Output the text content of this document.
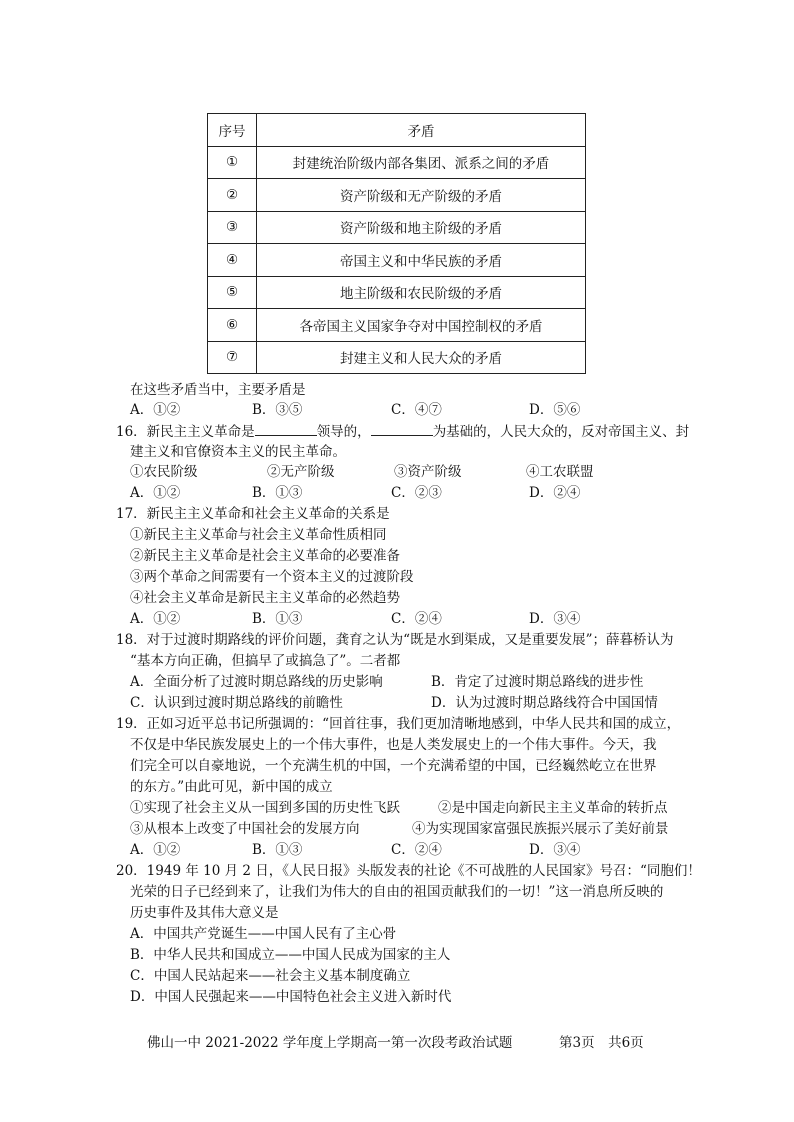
序号	矛盾
①	封建统治阶级内部各集团、派系之间的矛盾
②	资产阶级和无产阶级的矛盾
③	资产阶级和地主阶级的矛盾
④	帝国主义和中华民族的矛盾
⑤	地主阶级和农民阶级的矛盾
⑥	各帝国主义国家争夺对中国控制权的矛盾
⑦	封建主义和人民大众的矛盾
在这些矛盾当中，主要矛盾是
A．①②	B．③⑤	C．④⑦	D．⑤⑥
16．新民主主义革命是	领导的，	为基础的，人民大众的，反对帝国主义、封
建主义和官僚资本主义的民主革命。
①农民阶级	②无产阶级	③资产阶级	④工农联盟
A．①②	B．①③	C．②③	D．②④
17．新民主主义革命和社会主义革命的关系是
①新民主主义革命与社会主义革命性质相同
②新民主主义革命是社会主义革命的必要准备
③两个革命之间需要有一个资本主义的过渡阶段
④社会主义革命是新民主主义革命的必然趋势
A．①②	B．①③	C．②④	D．③④
18．对于过渡时期路线的评价问题，龚育之认为“既是水到渠成，又是重要发展”；薛暮桥认为
“基本方向正确，但搞早了或搞急了”。二者都
A．全面分析了过渡时期总路线的历史影响	B．肯定了过渡时期总路线的进步性
C．认识到过渡时期总路线的前瞻性	D．认为过渡时期总路线符合中国国情
19．正如习近平总书记所强调的：“回首往事，我们更加清晰地感到，中华人民共和国的成立，
不仅是中华民族发展史上的一个伟大事件，也是人类发展史上的一个伟大事件。今天，我
们完全可以自豪地说，一个充满生机的中国，一个充满希望的中国，已经巍然屹立在世界
的东方。”由此可见，新中国的成立
①实现了社会主义从一国到多国的历史性飞跃	②是中国走向新民主主义革命的转折点
③从根本上改变了中国社会的发展方向	④为实现国家富强民族振兴展示了美好前景
A．①②	B．①③	C．②④	D．③④
20．1949 年 10 月 2 日，《人民日报》头版发表的社论《不可战胜的人民国家》号召：“同胞们！
光荣的日子已经到来了，让我们为伟大的自由的祖国贡献我们的一切！”这一消息所反映的
历史事件及其伟大意义是
A．中国共产党诞生——中国人民有了主心骨
B．中华人民共和国成立——中国人民成为国家的主人
C．中国人民站起来——社会主义基本制度确立
D．中国人民强起来——中国特色社会主义进入新时代
佛山一中 2021-2022 学年度上学期高一第一次段考政治试题	第3页　共6页
